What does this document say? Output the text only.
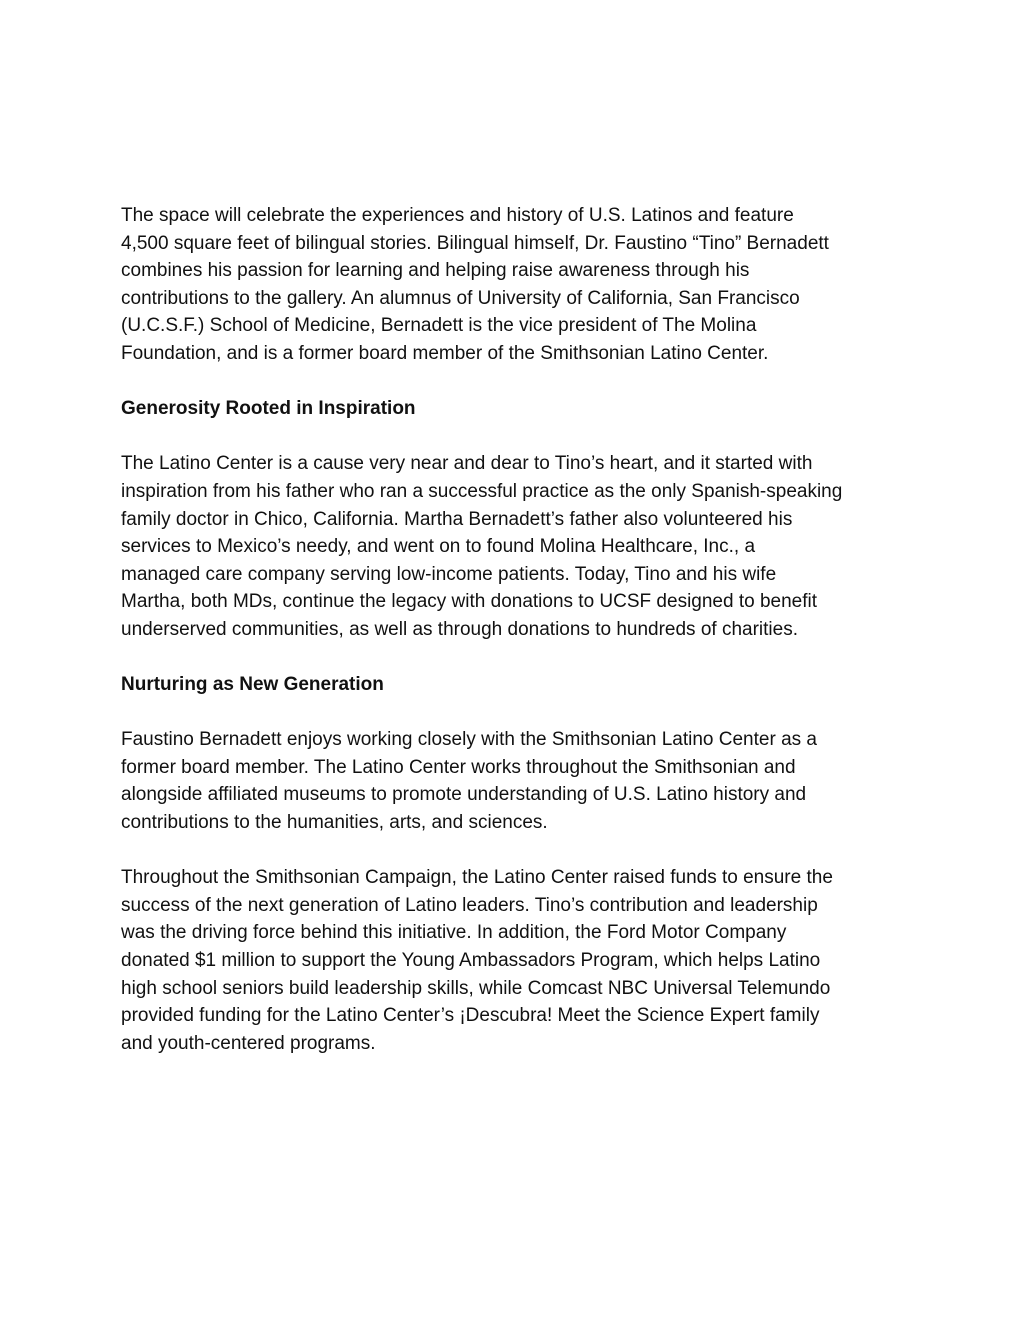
The space will celebrate the experiences and history of U.S. Latinos and feature
4,500 square feet of bilingual stories. Bilingual himself, Dr. Faustino “Tino” Bernadett
combines his passion for learning and helping raise awareness through his
contributions to the gallery. An alumnus of University of California, San Francisco
(U.C.S.F.) School of Medicine, Bernadett is the vice president of The Molina
Foundation, and is a former board member of the Smithsonian Latino Center.

Generosity Rooted in Inspiration

The Latino Center is a cause very near and dear to Tino’s heart, and it started with
inspiration from his father who ran a successful practice as the only Spanish-speaking
family doctor in Chico, California. Martha Bernadett’s father also volunteered his
services to Mexico’s needy, and went on to found Molina Healthcare, Inc., a
managed care company serving low-income patients. Today, Tino and his wife
Martha, both MDs, continue the legacy with donations to UCSF designed to benefit
underserved communities, as well as through donations to hundreds of charities.

Nurturing as New Generation

Faustino Bernadett enjoys working closely with the Smithsonian Latino Center as a
former board member. The Latino Center works throughout the Smithsonian and
alongside affiliated museums to promote understanding of U.S. Latino history and
contributions to the humanities, arts, and sciences.

Throughout the Smithsonian Campaign, the Latino Center raised funds to ensure the
success of the next generation of Latino leaders. Tino’s contribution and leadership
was the driving force behind this initiative. In addition, the Ford Motor Company
donated $1 million to support the Young Ambassadors Program, which helps Latino
high school seniors build leadership skills, while Comcast NBC Universal Telemundo
provided funding for the Latino Center’s ¡Descubra! Meet the Science Expert family
and youth-centered programs.
